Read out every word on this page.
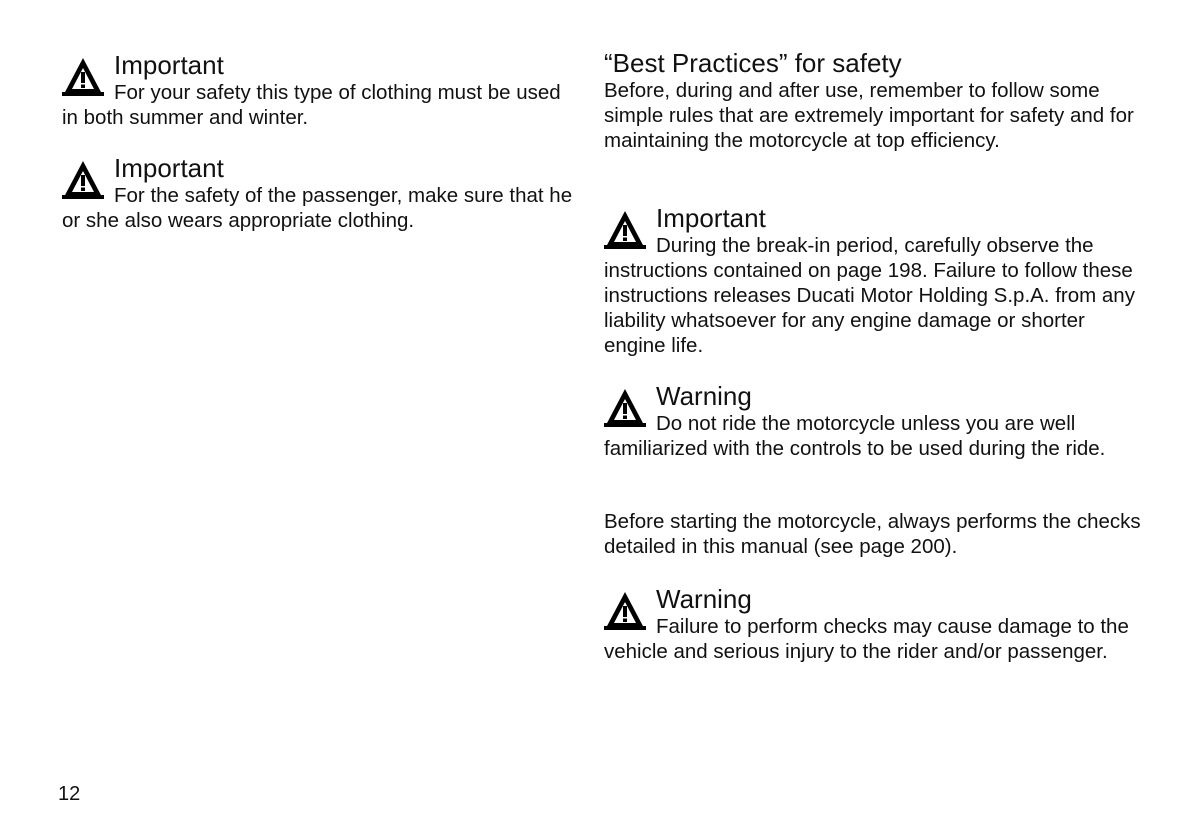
Important

For your safety this type of clothing must be used in both summer and winter.

Important

For the safety of the passenger, make sure that he or she also wears appropriate clothing.

“Best Practices” for safety

Before, during and after use, remember to follow some simple rules that are extremely important for safety and for maintaining the motorcycle at top efficiency.

Important

During the break-in period, carefully observe the instructions contained on page 198. Failure to follow these instructions releases Ducati Motor Holding S.p.A. from any liability whatsoever for any engine damage or shorter engine life.

Warning

Do not ride the motorcycle unless you are well familiarized with the controls to be used during the ride.

Before starting the motorcycle, always performs the checks detailed in this manual (see page 200).

Warning

Failure to perform checks may cause damage to the vehicle and serious injury to the rider and/or passenger.

12
